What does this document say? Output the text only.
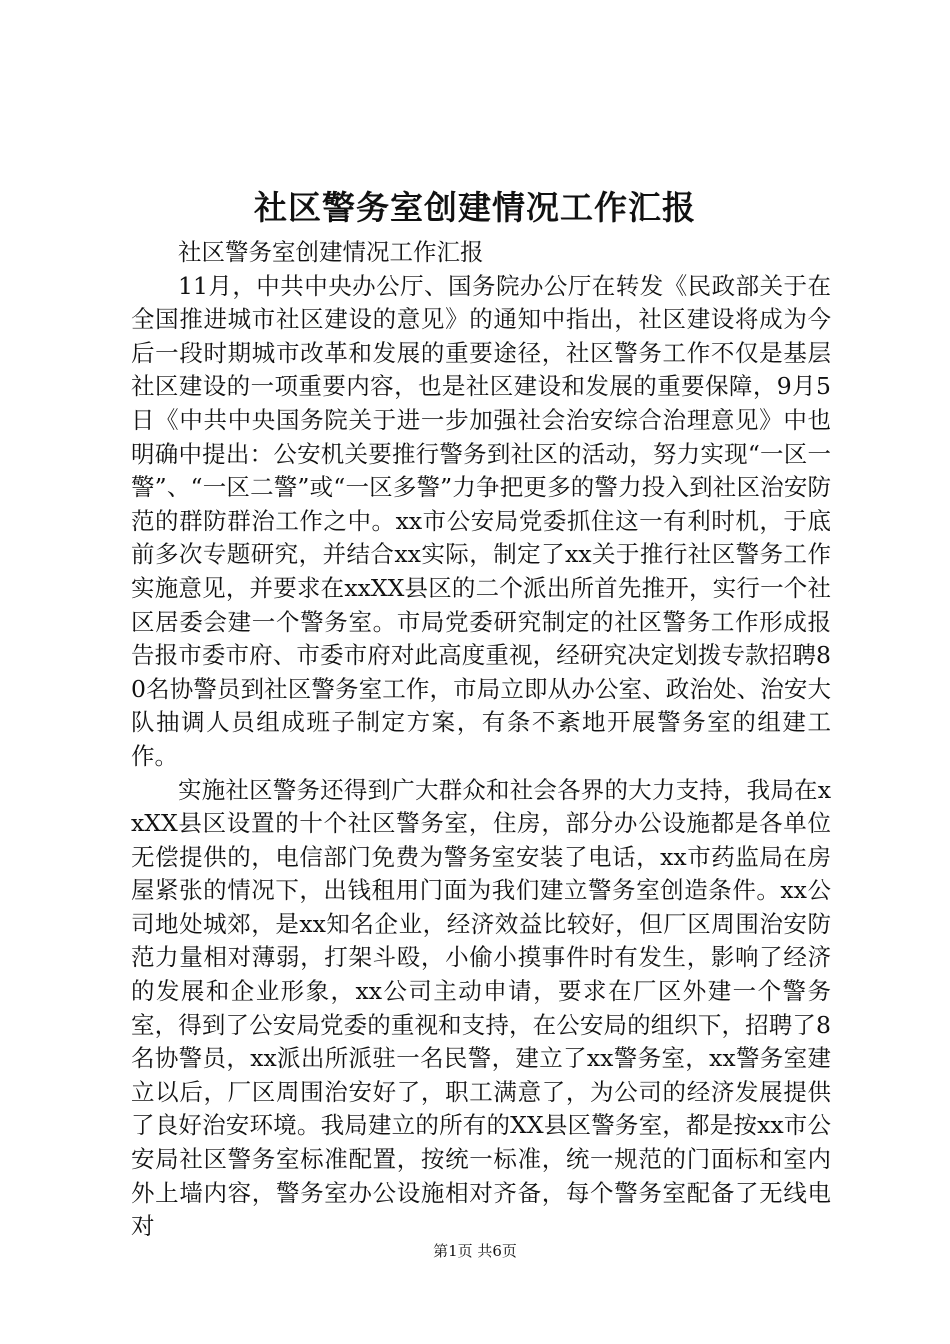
社区警务室创建情况工作汇报

社区警务室创建情况工作汇报

11月，中共中央办公厅、国务院办公厅在转发《民政部关于在全国推进城市社区建设的意见》的通知中指出，社区建设将成为今后一段时期城市改革和发展的重要途径，社区警务工作不仅是基层社区建设的一项重要内容，也是社区建设和发展的重要保障，9月5日《中共中央国务院关于进一步加强社会治安综合治理意见》中也明确中提出：公安机关要推行警务到社区的活动，努力实现“一区一警”、“一区二警”或“一区多警”力争把更多的警力投入到社区治安防范的群防群治工作之中。xx市公安局党委抓住这一有利时机，于底前多次专题研究，并结合xx实际，制定了xx关于推行社区警务工作实施意见，并要求在xxXX县区的二个派出所首先推开，实行一个社区居委会建一个警务室。市局党委研究制定的社区警务工作形成报告报市委市府、市委市府对此高度重视，经研究决定划拨专款招聘80名协警员到社区警务室工作，市局立即从办公室、政治处、治安大队抽调人员组成班子制定方案，有条不紊地开展警务室的组建工作。

实施社区警务还得到广大群众和社会各界的大力支持，我局在xxXX县区设置的十个社区警务室，住房，部分办公设施都是各单位无偿提供的，电信部门免费为警务室安装了电话，xx市药监局在房屋紧张的情况下，出钱租用门面为我们建立警务室创造条件。xx公司地处城郊，是xx知名企业，经济效益比较好，但厂区周围治安防范力量相对薄弱，打架斗殴，小偷小摸事件时有发生，影响了经济的发展和企业形象，xx公司主动申请，要求在厂区外建一个警务室，得到了公安局党委的重视和支持，在公安局的组织下，招聘了8名协警员，xx派出所派驻一名民警，建立了xx警务室，xx警务室建立以后，厂区周围治安好了，职工满意了，为公司的经济发展提供了良好治安环境。我局建立的所有的XX县区警务室，都是按xx市公安局社区警务室标准配置，按统一标准，统一规范的门面标和室内外上墙内容，警务室办公设施相对齐备，每个警务室配备了无线电对

第1页 共6页
